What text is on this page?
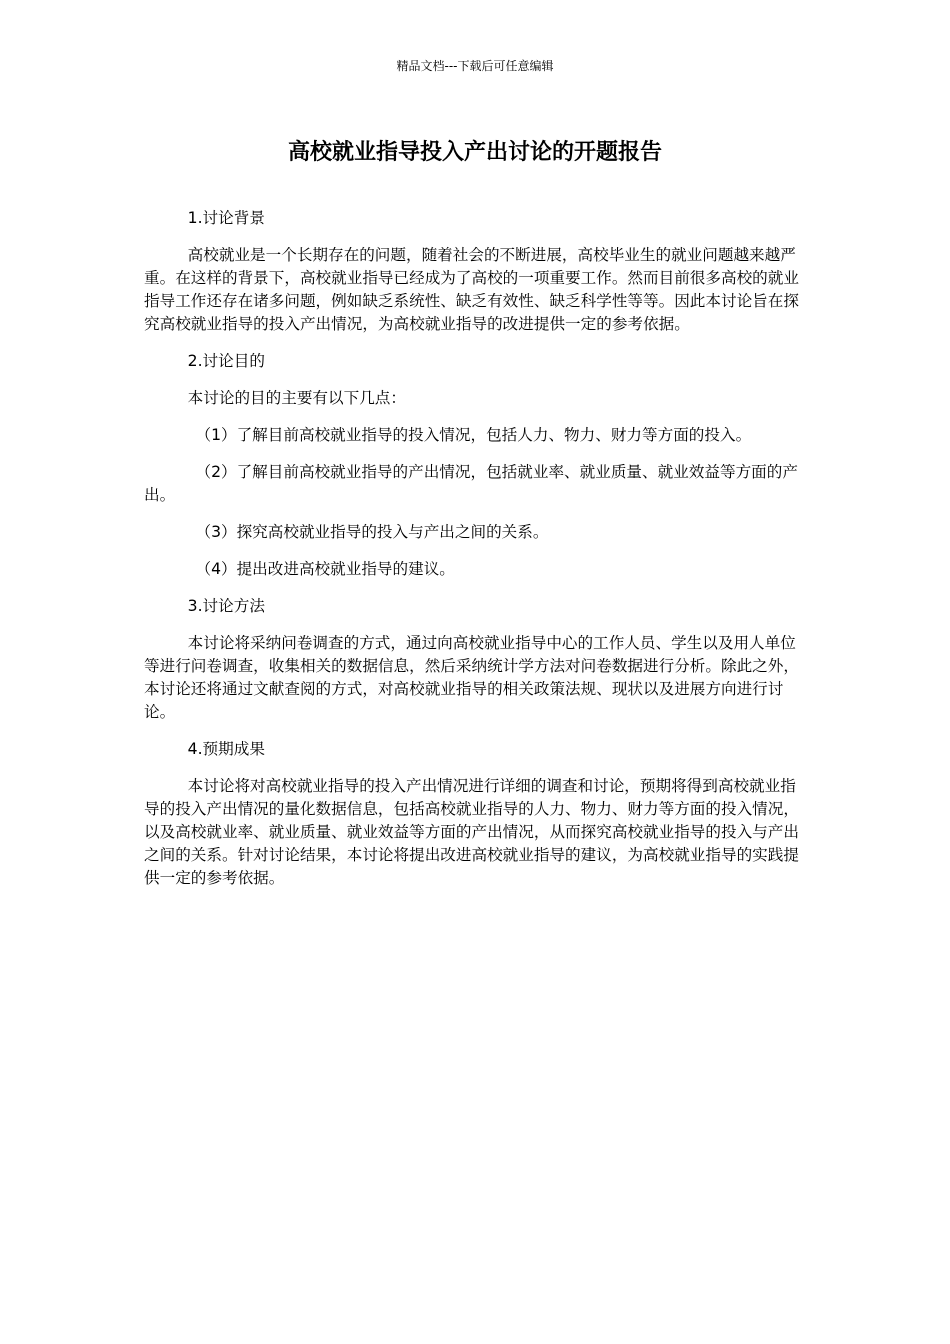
精品文档---下载后可任意编辑
高校就业指导投入产出讨论的开题报告

1.讨论背景

高校就业是一个长期存在的问题，随着社会的不断进展，高校毕业生的就业问题越来越严重。在这样的背景下，高校就业指导已经成为了高校的一项重要工作。然而目前很多高校的就业指导工作还存在诸多问题，例如缺乏系统性、缺乏有效性、缺乏科学性等等。因此本讨论旨在探究高校就业指导的投入产出情况，为高校就业指导的改进提供一定的参考依据。

2.讨论目的

本讨论的目的主要有以下几点：

（1）了解目前高校就业指导的投入情况，包括人力、物力、财力等方面的投入。

（2）了解目前高校就业指导的产出情况，包括就业率、就业质量、就业效益等方面的产出。

（3）探究高校就业指导的投入与产出之间的关系。

（4）提出改进高校就业指导的建议。

3.讨论方法

本讨论将采纳问卷调查的方式，通过向高校就业指导中心的工作人员、学生以及用人单位等进行问卷调查，收集相关的数据信息，然后采纳统计学方法对问卷数据进行分析。除此之外，本讨论还将通过文献查阅的方式，对高校就业指导的相关政策法规、现状以及进展方向进行讨论。

4.预期成果

本讨论将对高校就业指导的投入产出情况进行详细的调查和讨论，预期将得到高校就业指导的投入产出情况的量化数据信息，包括高校就业指导的人力、物力、财力等方面的投入情况，以及高校就业率、就业质量、就业效益等方面的产出情况，从而探究高校就业指导的投入与产出之间的关系。针对讨论结果，本讨论将提出改进高校就业指导的建议，为高校就业指导的实践提供一定的参考依据。
